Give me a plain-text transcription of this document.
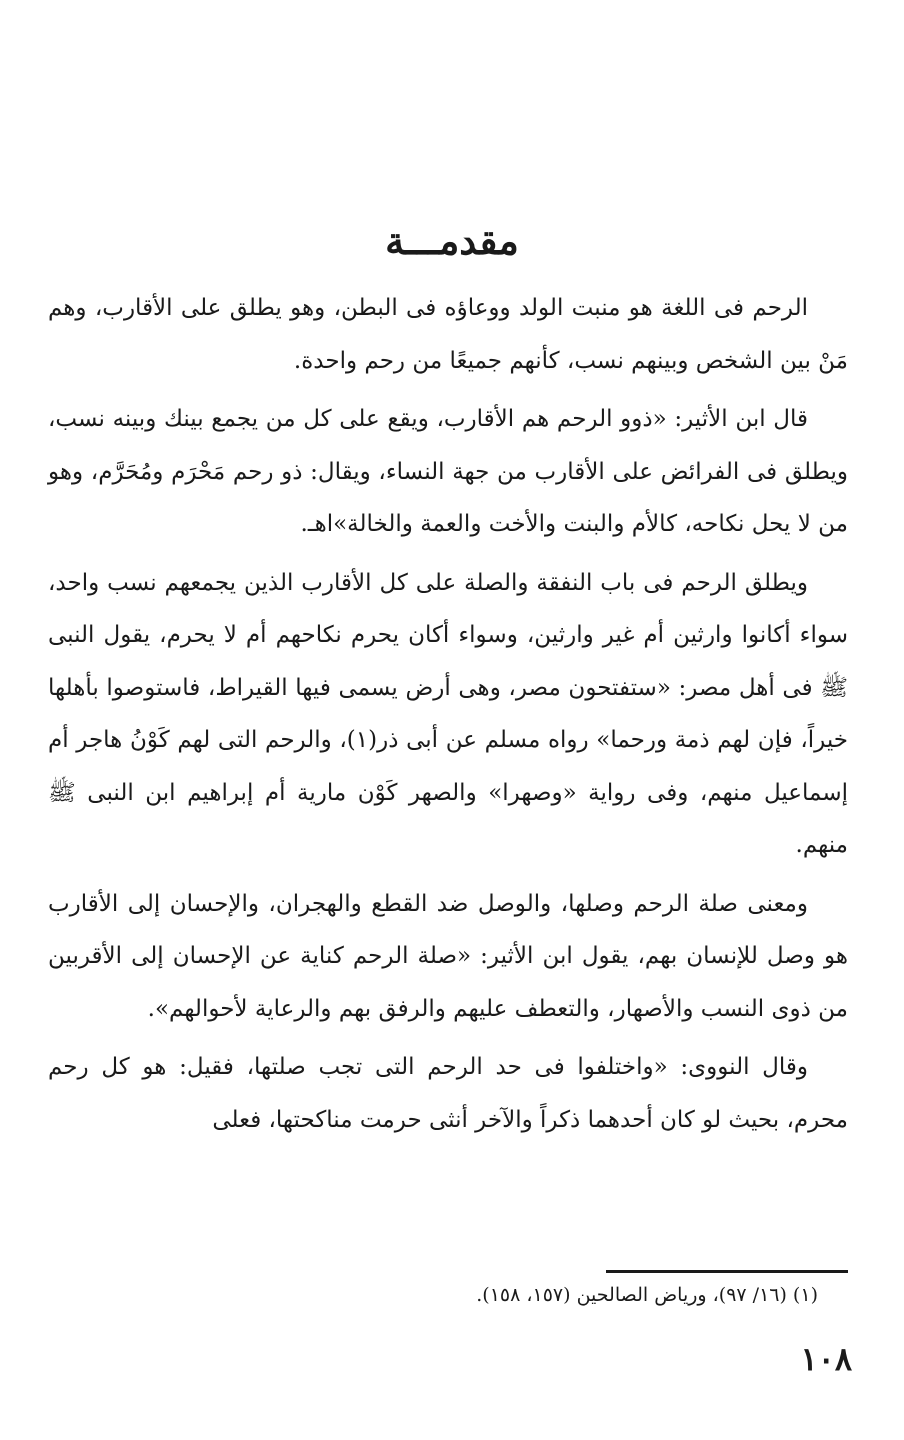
مقدمـــة

الرحم فى اللغة هو منبت الولد ووعاؤه فى البطن، وهو يطلق على الأقارب، وهم مَنْ بين الشخص وبينهم نسب، كأنهم جميعًا من رحم واحدة.

قال ابن الأثير: «ذوو الرحم هم الأقارب، ويقع على كل من يجمع بينك وبينه نسب، ويطلق فى الفرائض على الأقارب من جهة النساء، ويقال: ذو رحم مَحْرَم ومُحَرَّم، وهو من لا يحل نكاحه، كالأم والبنت والأخت والعمة والخالة»اهـ.

ويطلق الرحم فى باب النفقة والصلة على كل الأقارب الذين يجمعهم نسب واحد، سواء أكانوا وارثين أم غير وارثين، وسواء أكان يحرم نكاحهم أم لا يحرم، يقول النبى ﷺ فى أهل مصر: «ستفتحون مصر، وهى أرض يسمى فيها القيراط، فاستوصوا بأهلها خيراً، فإن لهم ذمة ورحما» رواه مسلم عن أبى ذر(١)، والرحم التى لهم كَوْنُ هاجر أم إسماعيل منهم، وفى رواية «وصهرا» والصهر كَوْن مارية أم إبراهيم ابن النبى ﷺ منهم.

ومعنى صلة الرحم وصلها، والوصل ضد القطع والهجران، والإحسان إلى الأقارب هو وصل للإنسان بهم، يقول ابن الأثير: «صلة الرحم كناية عن الإحسان إلى الأقربين من ذوى النسب والأصهار، والتعطف عليهم والرفق بهم والرعاية لأحوالهم».

وقال النووى: «واختلفوا فى حد الرحم التى تجب صلتها، فقيل: هو كل رحم محرم، بحيث لو كان أحدهما ذكراً والآخر أنثى حرمت مناكحتها، فعلى

(١) (١٦/ ٩٧)، ورياض الصالحين (١٥٧، ١٥٨).
١٠٨
